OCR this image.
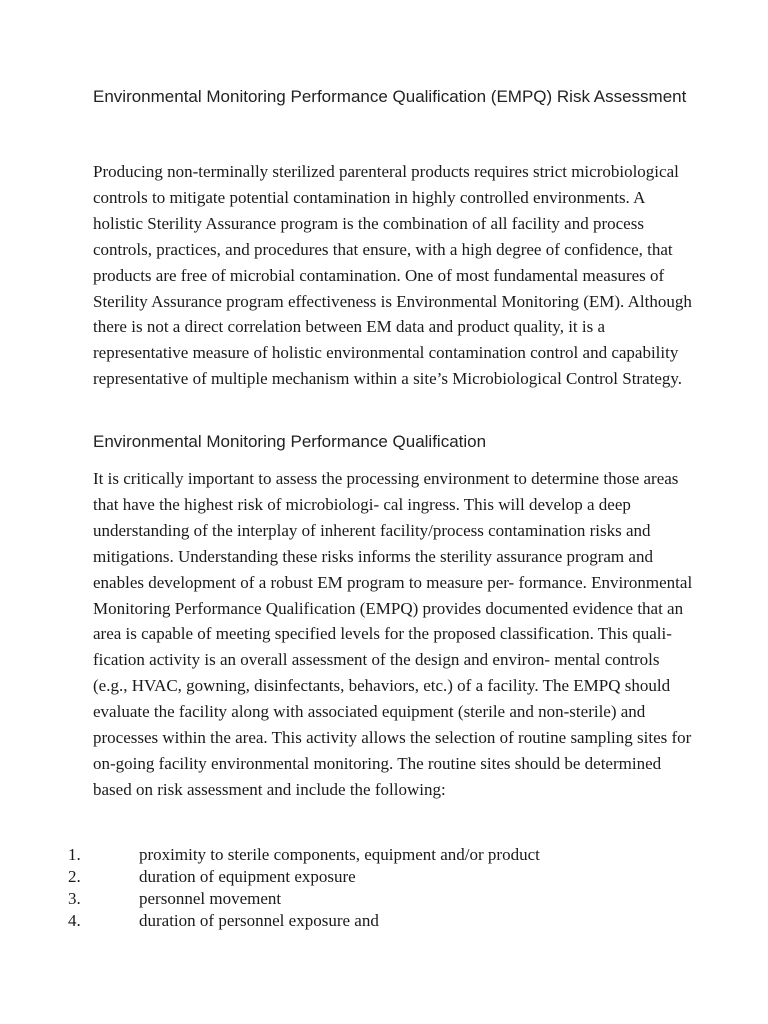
Environmental Monitoring Performance Qualification (EMPQ) Risk Assessment

Producing non-terminally sterilized parenteral products requires strict microbiological controls to mitigate potential contamination in highly controlled environments. A holistic Sterility Assurance program is the combination of all facility and process controls, practices, and procedures that ensure, with a high degree of confidence, that products are free of microbial contamination. One of most fundamental measures of Sterility Assurance program effectiveness is Environmental Monitoring (EM). Although there is not a direct correlation between EM data and product quality, it is a representative measure of holistic environmental contamination control and capability representative of multiple mechanism within a site’s Microbiological Control Strategy.

Environmental Monitoring Performance Qualification

It is critically important to assess the processing environment to determine those areas that have the highest risk of microbiologi- cal ingress. This will develop a deep understanding of the interplay of inherent facility/process contamination risks and mitigations. Understanding these risks informs the sterility assurance program and enables development of a robust EM program to measure per- formance. Environmental Monitoring Performance Qualification (EMPQ) provides documented evidence that an area is capable of meeting specified levels for the proposed classification. This quali- fication activity is an overall assessment of the design and environ- mental controls (e.g., HVAC, gowning, disinfectants, behaviors, etc.) of a facility. The EMPQ should evaluate the facility along with associated equipment (sterile and non-sterile) and processes within the area. This activity allows the selection of routine sampling sites for on-going facility environmental monitoring. The routine sites should be determined based on risk assessment and include the following:

1.	proximity to sterile components, equipment and/or product
2.	duration of equipment exposure
3.	personnel movement
4.	duration of personnel exposure and
